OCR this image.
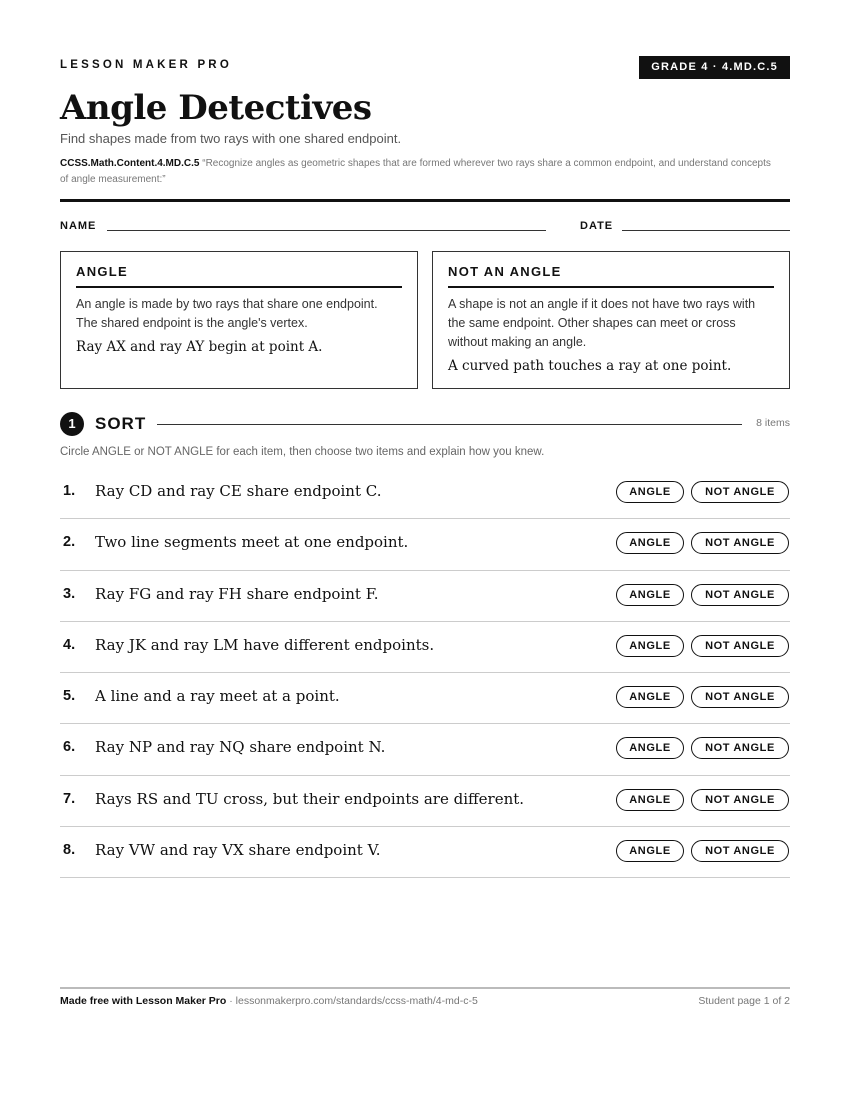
LESSON MAKER PRO	GRADE 4 · 4.MD.C.5
Angle Detectives
Find shapes made from two rays with one shared endpoint.
CCSS.Math.Content.4.MD.C.5 “Recognize angles as geometric shapes that are formed wherever two rays share a common endpoint, and understand concepts of angle measurement:”
NAME	DATE
ANGLE
An angle is made by two rays that share one endpoint. The shared endpoint is the angle's vertex.
Ray AX and ray AY begin at point A.
NOT AN ANGLE
A shape is not an angle if it does not have two rays with the same endpoint. Other shapes can meet or cross without making an angle.
A curved path touches a ray at one point.
1	SORT	8 items
Circle ANGLE or NOT ANGLE for each item, then choose two items and explain how you knew.
1. Ray CD and ray CE share endpoint C.	ANGLE	NOT ANGLE
2. Two line segments meet at one endpoint.	ANGLE	NOT ANGLE
3. Ray FG and ray FH share endpoint F.	ANGLE	NOT ANGLE
4. Ray JK and ray LM have different endpoints.	ANGLE	NOT ANGLE
5. A line and a ray meet at a point.	ANGLE	NOT ANGLE
6. Ray NP and ray NQ share endpoint N.	ANGLE	NOT ANGLE
7. Rays RS and TU cross, but their endpoints are different.	ANGLE	NOT ANGLE
8. Ray VW and ray VX share endpoint V.	ANGLE	NOT ANGLE
Made free with Lesson Maker Pro · lessonmakerpro.com/standards/ccss-math/4-md-c-5	Student page 1 of 2
